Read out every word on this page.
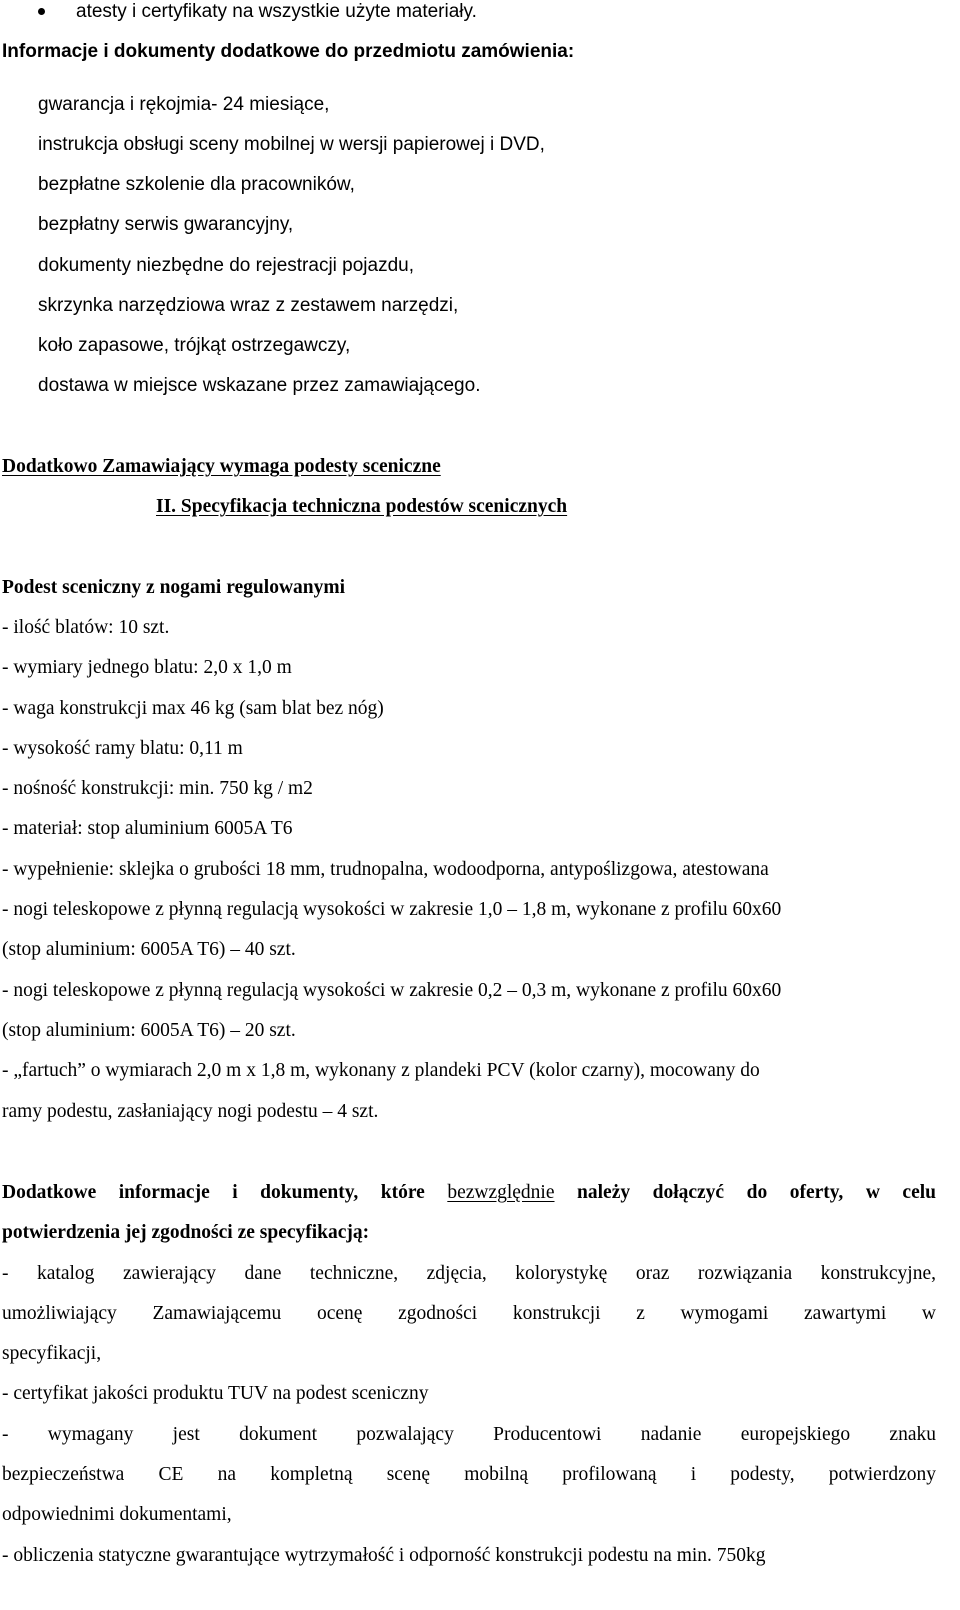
atesty i certyfikaty na wszystkie użyte materiały.
Informacje i dokumenty dodatkowe do przedmiotu zamówienia:
gwarancja i rękojmia- 24 miesiące,
instrukcja obsługi sceny mobilnej w wersji papierowej i DVD,
bezpłatne szkolenie dla pracowników,
bezpłatny serwis gwarancyjny,
dokumenty niezbędne do rejestracji pojazdu,
skrzynka narzędziowa wraz z zestawem narzędzi,
koło zapasowe, trójkąt ostrzegawczy,
dostawa w miejsce wskazane przez zamawiającego.
Dodatkowo Zamawiający wymaga podesty sceniczne
II. Specyfikacja techniczna podestów scenicznych
Podest sceniczny z nogami regulowanymi
- ilość blatów: 10 szt.
- wymiary jednego blatu: 2,0 x 1,0 m
- waga konstrukcji max 46 kg (sam blat bez nóg)
- wysokość ramy blatu: 0,11 m
- nośność konstrukcji: min. 750 kg / m2
- materiał: stop aluminium 6005A T6
- wypełnienie: sklejka o grubości 18 mm, trudnopalna, wodoodporna, antypoślizgowa, atestowana
- nogi teleskopowe z płynną regulacją wysokości w zakresie 1,0 – 1,8 m, wykonane z profilu 60x60
(stop aluminium: 6005A T6) – 40 szt.
- nogi teleskopowe z płynną regulacją wysokości w zakresie 0,2 – 0,3 m, wykonane z profilu 60x60
(stop aluminium: 6005A T6) – 20 szt.
- „fartuch” o wymiarach 2,0 m x 1,8 m, wykonany z plandeki PCV (kolor czarny), mocowany do
ramy podestu, zasłaniający nogi podestu – 4 szt.
Dodatkowe informacje i dokumenty, które bezwzględnie należy dołączyć do oferty, w celu
potwierdzenia jej zgodności ze specyfikacją:
- katalog zawierający dane techniczne, zdjęcia, kolorystykę oraz rozwiązania konstrukcyjne,
umożliwiający Zamawiającemu ocenę zgodności konstrukcji z wymogami zawartymi w
specyfikacji,
- certyfikat jakości produktu TUV na podest sceniczny
- wymagany jest dokument pozwalający Producentowi nadanie europejskiego znaku
bezpieczeństwa CE na kompletną scenę mobilną profilowaną i podesty, potwierdzony
odpowiednimi dokumentami,
- obliczenia statyczne gwarantujące wytrzymałość i odporność konstrukcji podestu na min. 750kg
